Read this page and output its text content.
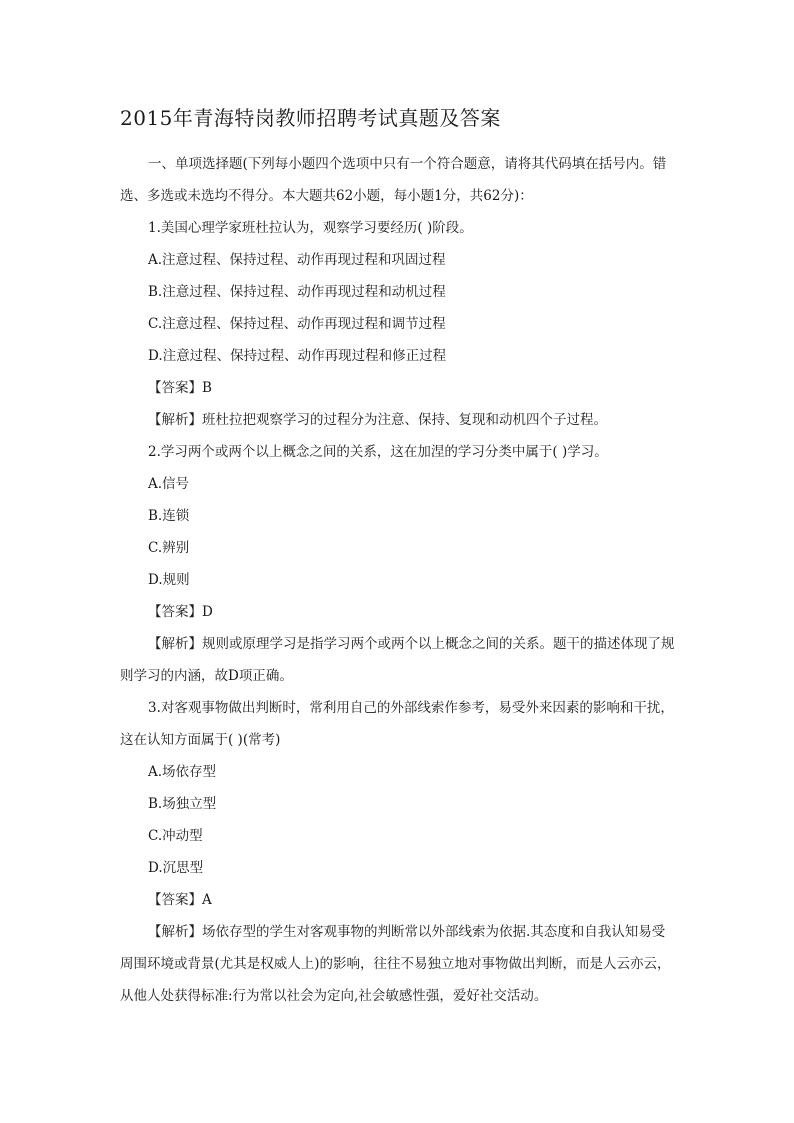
2015年青海特岗教师招聘考试真题及答案

一、单项选择题(下列每小题四个选项中只有一个符合题意，请将其代码填在括号内。错选、多选或未选均不得分。本大题共62小题，每小题1分，共62分)：

1.美国心理学家班杜拉认为，观察学习要经历( )阶段。

A.注意过程、保持过程、动作再现过程和巩固过程

B.注意过程、保持过程、动作再现过程和动机过程

C.注意过程、保持过程、动作再现过程和调节过程

D.注意过程、保持过程、动作再现过程和修正过程

【答案】B

【解析】班杜拉把观察学习的过程分为注意、保持、复现和动机四个子过程。

2.学习两个或两个以上概念之间的关系，这在加涅的学习分类中属于( )学习。

A.信号

B.连锁

C.辨别

D.规则

【答案】D

【解析】规则或原理学习是指学习两个或两个以上概念之间的关系。题干的描述体现了规则学习的内涵，故D项正确。

3.对客观事物做出判断时，常利用自己的外部线索作参考，易受外来因素的影响和干扰，这在认知方面属于( )(常考)

A.场依存型

B.场独立型

C.冲动型

D.沉思型

【答案】A

【解析】场依存型的学生对客观事物的判断常以外部线索为依据.其态度和自我认知易受周围环境或背景(尤其是权威人上)的影响，往往不易独立地对事物做出判断，而是人云亦云，从他人处获得标准:行为常以社会为定向,社会敏感性强，爱好社交活动。
